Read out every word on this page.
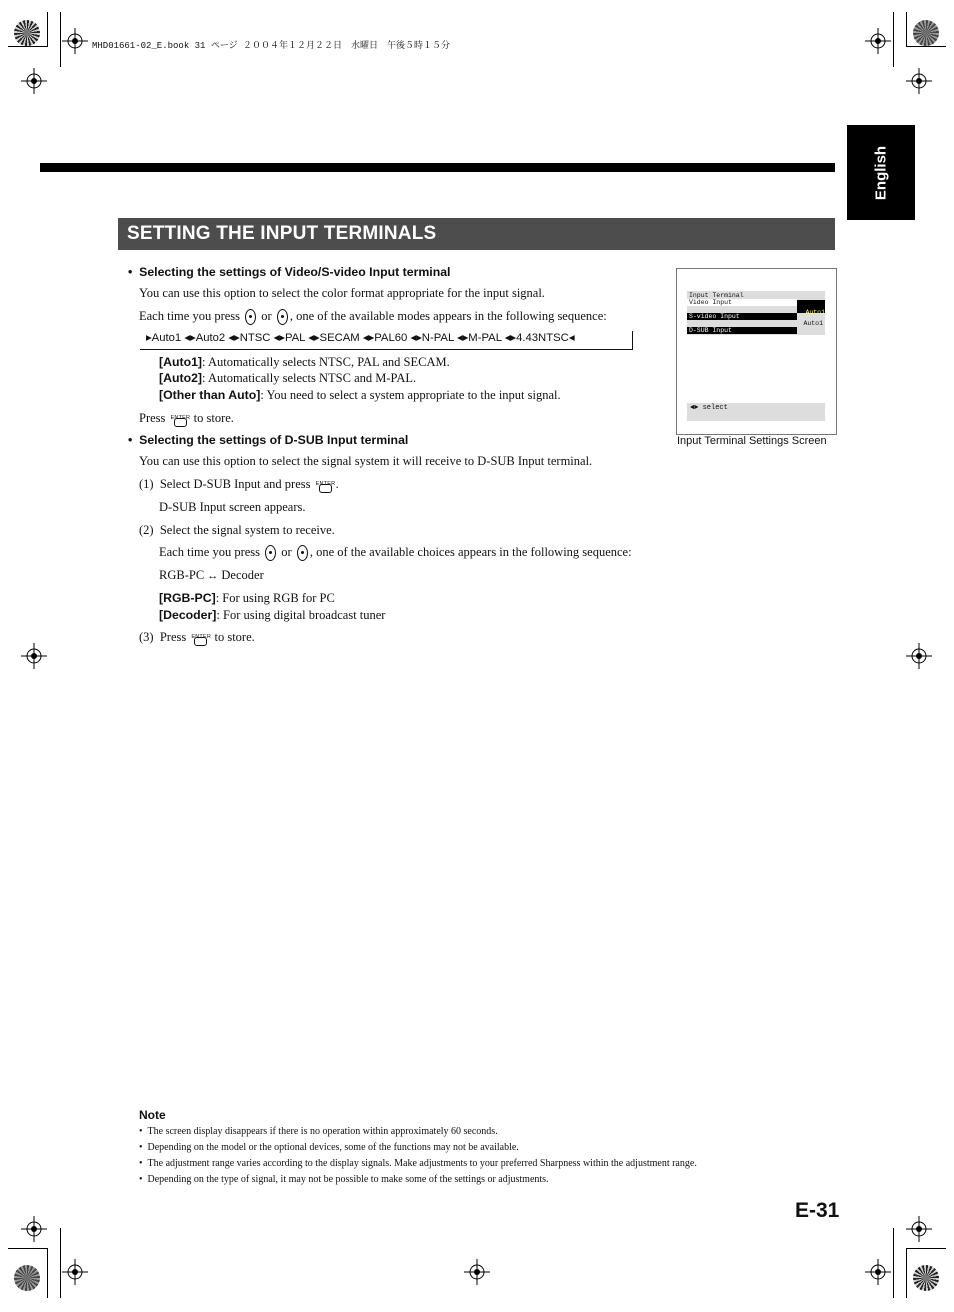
MHD01661-02_E.book 31 ページ ２００４年１２月２２日　水曜日　午後５時１５分
English
SETTING THE INPUT TERMINALS
•  Selecting the settings of Video/S-video Input terminal
You can use this option to select the color format appropriate for the input signal.
Each time you press or , one of the available modes appears in the following sequence:
▸Auto1 ◂▸Auto2 ◂▸NTSC ◂▸PAL ◂▸SECAM ◂▸PAL60 ◂▸N-PAL ◂▸M-PAL ◂▸4.43NTSC◂
[Auto1]: Automatically selects NTSC, PAL and SECAM.
[Auto2]: Automatically selects NTSC and M-PAL.
[Other than Auto]: You need to select a system appropriate to the input signal.
Press ENTER to store.
•  Selecting the settings of D-SUB Input terminal
You can use this option to select the signal system it will receive to D-SUB Input terminal.
(1) Select D-SUB Input and press ENTER .
D-SUB Input screen appears.
(2) Select the signal system to receive.
Each time you press or , one of the available choices appears in the following sequence:
RGB-PC ↔ Decoder
[RGB-PC]: For using RGB for PC
[Decoder]: For using digital broadcast tuner
(3) Press ENTER to store.
Input Terminal
Video Input
Auto1
S-video Input
Auto1
D-SUB Input
◄► select
Input Terminal Settings Screen
Note
•  The screen display disappears if there is no operation within approximately 60 seconds.
•  Depending on the model or the optional devices, some of the functions may not be available.
•  The adjustment range varies according to the display signals. Make adjustments to your preferred Sharpness within the adjustment range.
•  Depending on the type of signal, it may not be possible to make some of the settings or adjustments.
E-31
